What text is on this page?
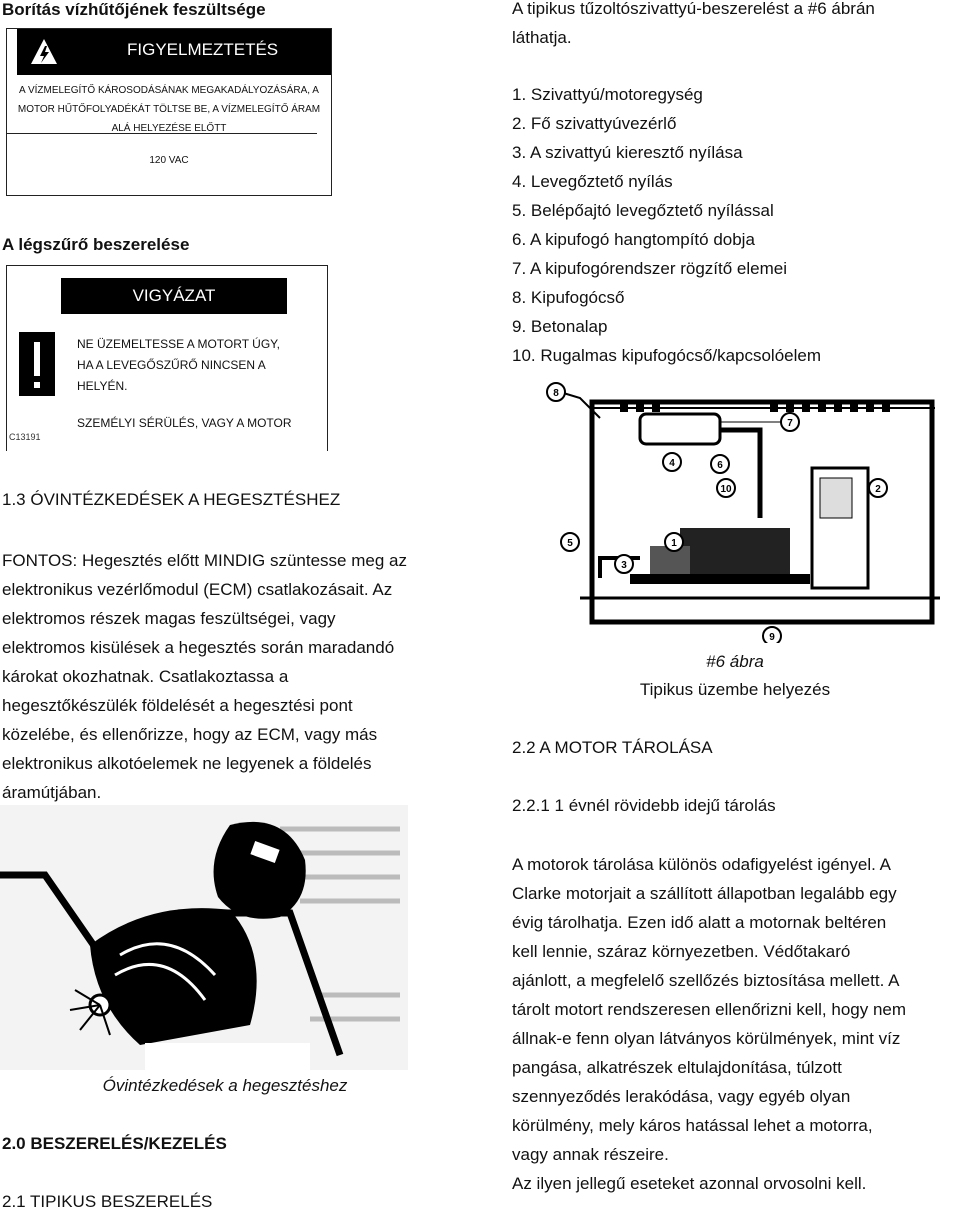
Borítás vízhűtőjének feszültsége
FIGYELMEZTETÉS
A VÍZMELEGÍTŐ KÁROSODÁSÁNAK MEGAKADÁLYOZÁSÁRA, A
MOTOR HŰTŐFOLYADÉKÁT TÖLTSE BE, A VÍZMELEGÍTŐ ÁRAM
ALÁ HELYEZÉSE ELŐTT
120 VAC
A légszűrő beszerelése
VIGYÁZAT
NE ÜZEMELTESSE A MOTORT ÚGY,
HA A LEVEGŐSZŰRŐ NINCSEN A
HELYÉN.
C13191
SZEMÉLYI SÉRÜLÉS, VAGY A MOTOR
1.3 ÓVINTÉZKEDÉSEK A HEGESZTÉSHEZ
FONTOS: Hegesztés előtt MINDIG szüntesse meg az
elektronikus vezérlőmodul (ECM) csatlakozásait. Az
elektromos részek magas feszültségei, vagy
elektromos kisülések a hegesztés során maradandó
károkat okozhatnak. Csatlakoztassa a
hegesztőkészülék földelését a hegesztési pont
közelébe, és ellenőrizze, hogy az ECM, vagy más
elektronikus alkotóelemek ne legyenek a földelés
áramútjában.
Óvintézkedések a hegesztéshez
2.0 BESZERELÉS/KEZELÉS
2.1 TIPIKUS BESZERELÉS
A tipikus tűzoltószivattyú-beszerelést a #6 ábrán
láthatja.
1. Szivattyú/motoregység
2. Fő szivattyúvezérlő
3. A szivattyú kieresztő nyílása
4. Levegőztető nyílás
5. Belépőajtó levegőztető nyílással
6. A kipufogó hangtompító dobja
7. A kipufogórendszer rögzítő elemei
8. Kipufogócső
9. Betonalap
10. Rugalmas kipufogócső/kapcsolóelem
8
7
2
4	6
10
1
5
3
9
#6 ábra
Tipikus üzembe helyezés
2.2 A MOTOR TÁROLÁSA
2.2.1 1 évnél rövidebb idejű tárolás
A motorok tárolása különös odafigyelést igényel. A
Clarke motorjait a szállított állapotban legalább egy
évig tárolhatja. Ezen idő alatt a motornak beltéren
kell lennie, száraz környezetben. Védőtakaró
ajánlott, a megfelelő szellőzés biztosítása mellett. A
tárolt motort rendszeresen ellenőrizni kell, hogy nem
állnak-e fenn olyan látványos körülmények, mint víz
pangása, alkatrészek eltulajdonítása, túlzott
szennyeződés lerakódása, vagy egyéb olyan
körülmény, mely káros hatással lehet a motorra,
vagy annak részeire.
Az ilyen jellegű eseteket azonnal orvosolni kell.
